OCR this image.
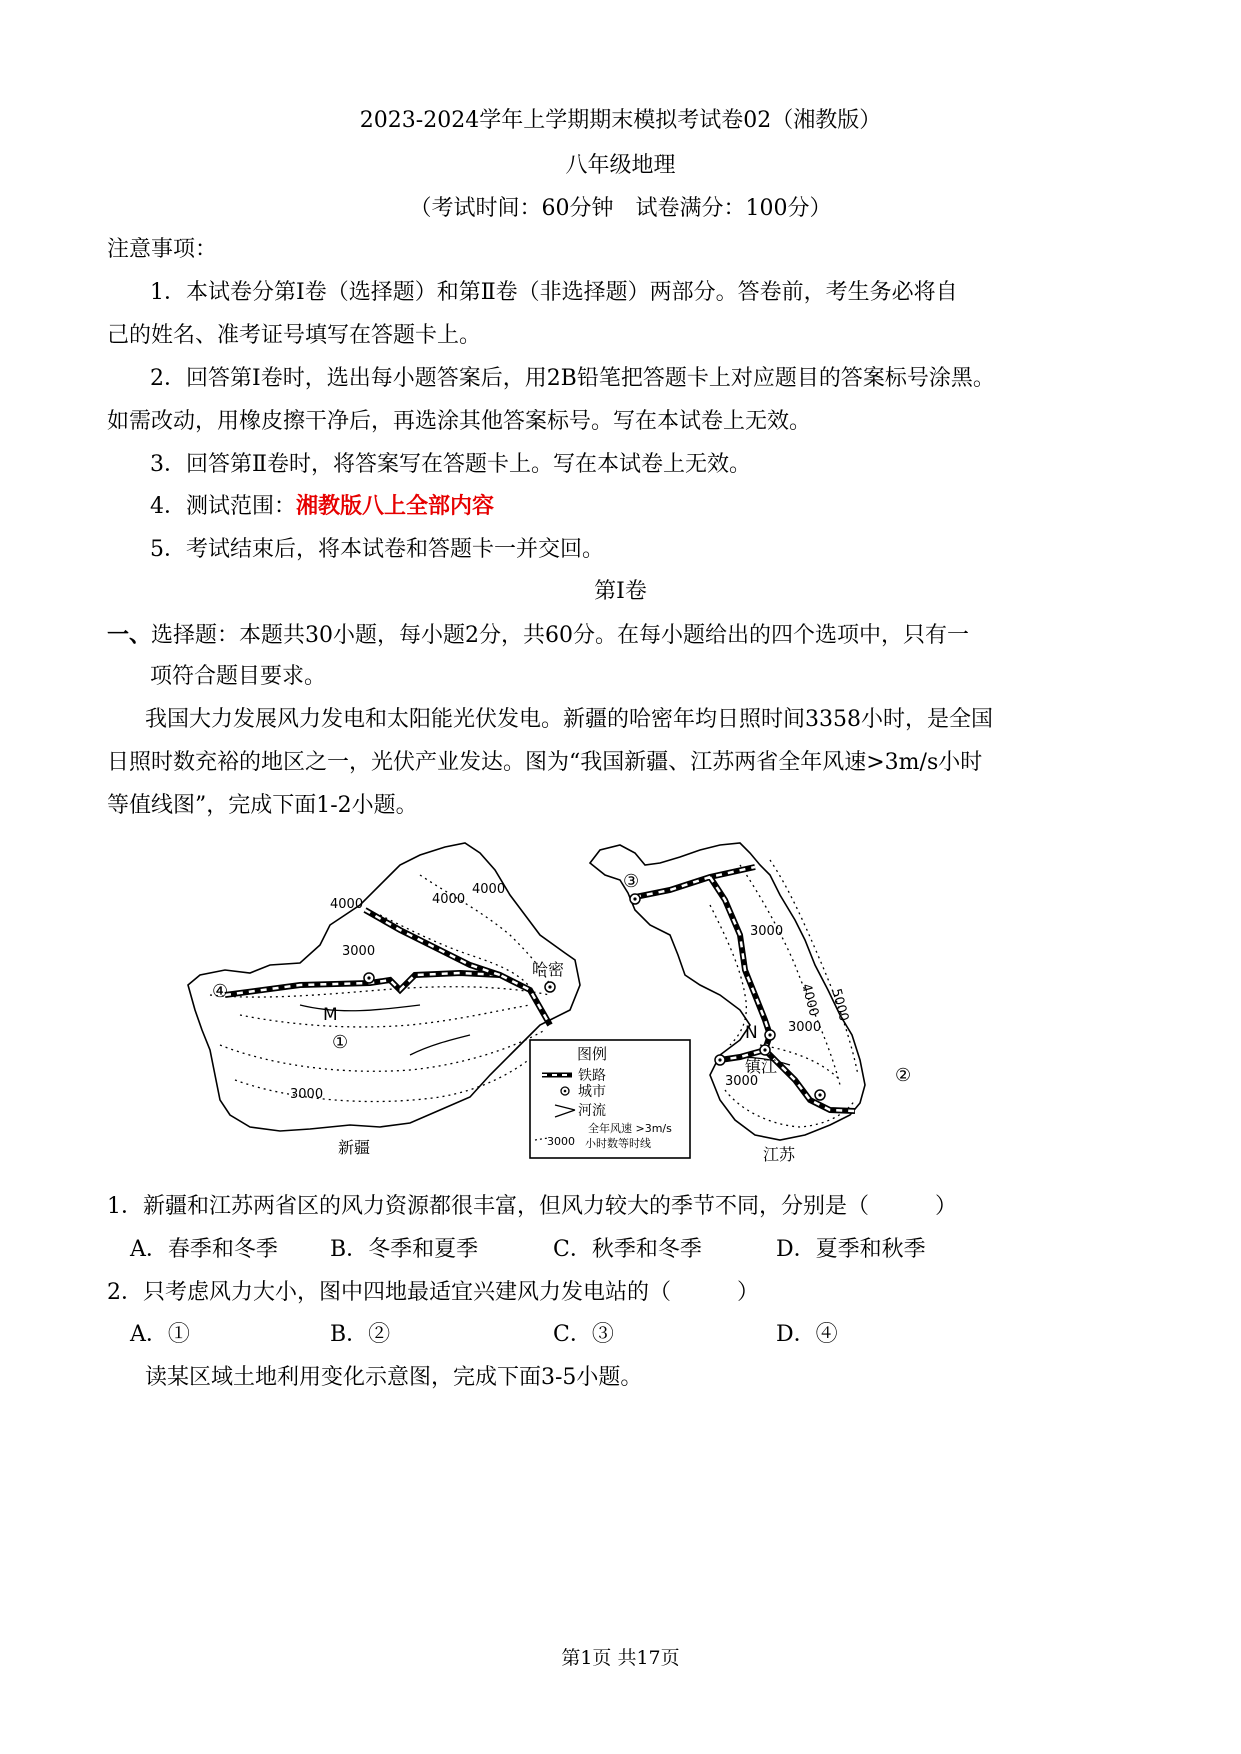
2023-2024学年上学期期末模拟考试卷02（湘教版）
八年级地理
（考试时间：60分钟　试卷满分：100分）
注意事项：
1．本试卷分第Ⅰ卷（选择题）和第Ⅱ卷（非选择题）两部分。答卷前，考生务必将自
己的姓名、准考证号填写在答题卡上。
2．回答第Ⅰ卷时，选出每小题答案后，用2B铅笔把答题卡上对应题目的答案标号涂黑。
如需改动，用橡皮擦干净后，再选涂其他答案标号。写在本试卷上无效。
3．回答第Ⅱ卷时，将答案写在答题卡上。写在本试卷上无效。
4．测试范围：湘教版八上全部内容
5．考试结束后，将本试卷和答题卡一并交回。
第Ⅰ卷
一、选择题：本题共30小题，每小题2分，共60分。在每小题给出的四个选项中，只有一
项符合题目要求。
我国大力发展风力发电和太阳能光伏发电。新疆的哈密年均日照时间3358小时，是全国
日照时数充裕的地区之一，光伏产业发达。图为“我国新疆、江苏两省全年风速>3m/s小时
等值线图”，完成下面1-2小题。
4000	4000
4000
3000
3000
哈密
M
①
④
新疆
③
3000
4000 5000
3000
3000
N
镇江	②
江苏
图例
铁路
城市
河流
全年风速 >3m/s
3000 小时数等时线
1．新疆和江苏两省区的风力资源都很丰富，但风力较大的季节不同，分别是（　　　）
A．春季和冬季 B．冬季和夏季	C．秋季和冬季	D．夏季和秋季
2．只考虑风力大小，图中四地最适宜兴建风力发电站的（　　　）
A．①	B．②	C．③	D．④
读某区域土地利用变化示意图，完成下面3-5小题。
第1页 共17页
